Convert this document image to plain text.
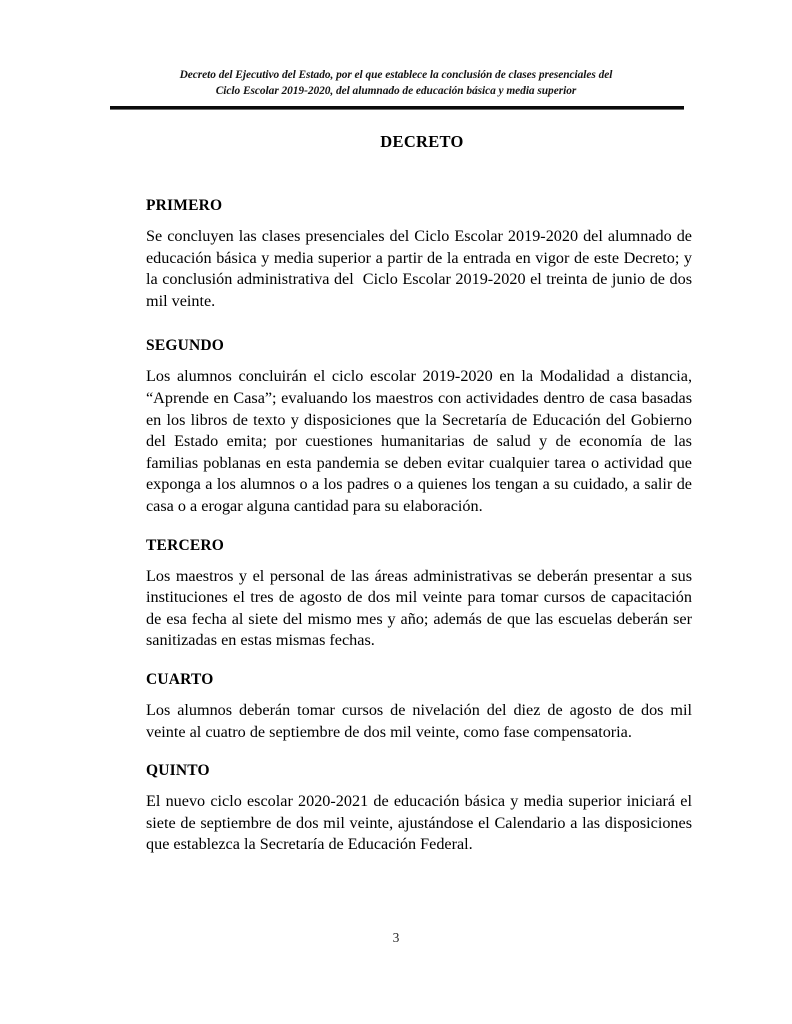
Decreto del Ejecutivo del Estado, por el que establece la conclusión de clases presenciales del
Ciclo Escolar 2019-2020, del alumnado de educación básica y media superior
DECRETO
PRIMERO

Se concluyen las clases presenciales del Ciclo Escolar 2019-2020 del alumnado de educación básica y media superior a partir de la entrada en vigor de este Decreto; y la conclusión administrativa del  Ciclo Escolar 2019-2020 el treinta de junio de dos mil veinte.

SEGUNDO

Los alumnos concluirán el ciclo escolar 2019-2020 en la Modalidad a distancia, “Aprende en Casa”; evaluando los maestros con actividades dentro de casa basadas en los libros de texto y disposiciones que la Secretaría de Educación del Gobierno del Estado emita; por cuestiones humanitarias de salud y de economía de las familias poblanas en esta pandemia se deben evitar cualquier tarea o actividad que exponga a los alumnos o a los padres o a quienes los tengan a su cuidado, a salir de casa o a erogar alguna cantidad para su elaboración.

TERCERO

Los maestros y el personal de las áreas administrativas se deberán presentar a sus instituciones el tres de agosto de dos mil veinte para tomar cursos de capacitación de esa fecha al siete del mismo mes y año; además de que las escuelas deberán ser sanitizadas en estas mismas fechas.

CUARTO

Los alumnos deberán tomar cursos de nivelación del diez de agosto de dos mil veinte al cuatro de septiembre de dos mil veinte, como fase compensatoria.

QUINTO

El nuevo ciclo escolar 2020-2021 de educación básica y media superior iniciará el siete de septiembre de dos mil veinte, ajustándose el Calendario a las disposiciones que establezca la Secretaría de Educación Federal.

3
